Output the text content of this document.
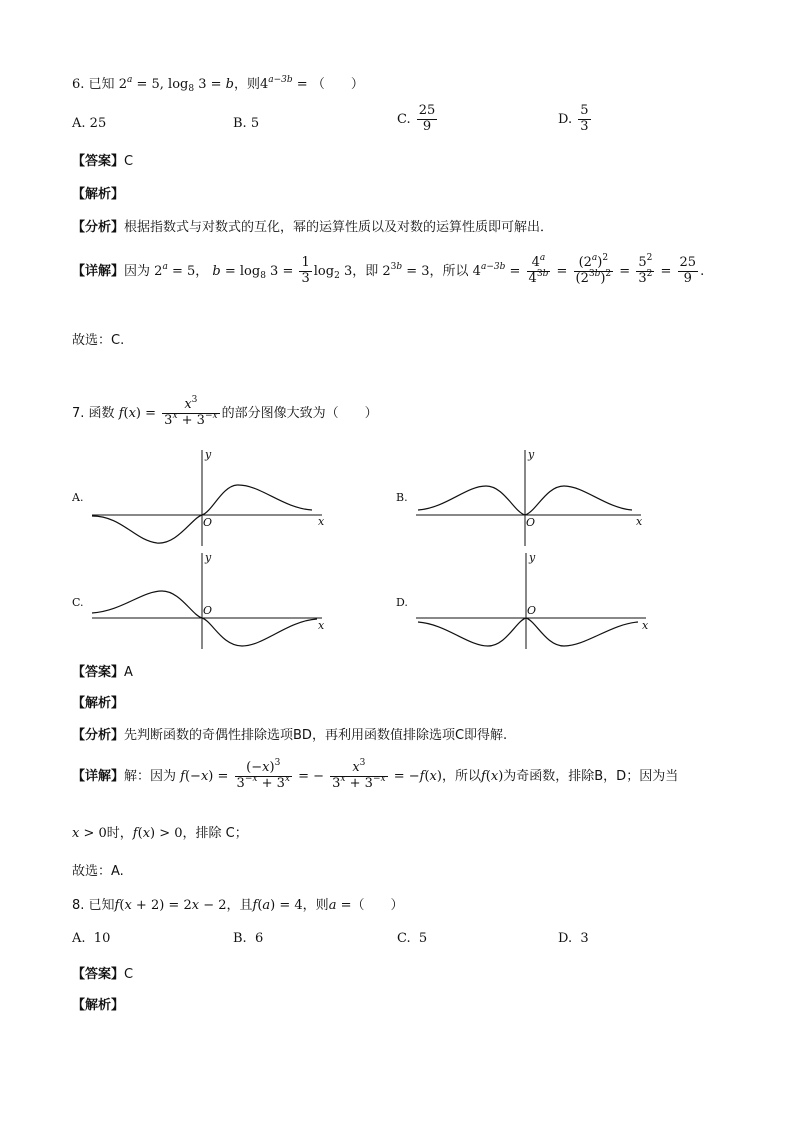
6. 已知 $2^a = 5$, $\log_8 3 = b$，则$4^{a-3b}$ = （　　）
A. 25	B. 5	C. $\frac{25}{9}$	D. $\frac{5}{3}$
【答案】C
【解析】
【分析】根据指数式与对数式的互化，幂的运算性质以及对数的运算性质即可解出．
【详解】因为 $2^a = 5$， $b = \log_8 3 = \frac{1}{3} \log_2 3$，即 $2^{3b} = 3$，所以 $4^{a-3b} = \frac{4^a}{4^{3b}} = \frac{(2^a)^2}{(2^{3b})^2} = \frac{5^2}{3^2} = \frac{25}{9}$ .
故选：C.
7. 函数 $f(x) = \frac{x^3}{3^x + 3^{-x}}$ 的部分图像大致为（　　）
A.
x
y
O
B.
x
y
O
C.
x
y
O
D.
x
y
O
【答案】A
【解析】
【分析】先判断函数的奇偶性排除选项BD，再利用函数值排除选项C即得解.
【详解】解：因为 $f(-x) = \frac{(-x)^3}{3^{-x} + 3^x}$ = − $\frac{x^3}{3^x + 3^{-x}} = -f(x)$，所以f(x)为奇函数，排除B，D；因为当
x > 0时，f(x) > 0，排除 C；
故选：A.
8. 已知f(x + 2) = 2x − 2，且f(a) = 4，则a =（　　）
A. 10	B. 6	C. 5	D. 3
【答案】C
【解析】
